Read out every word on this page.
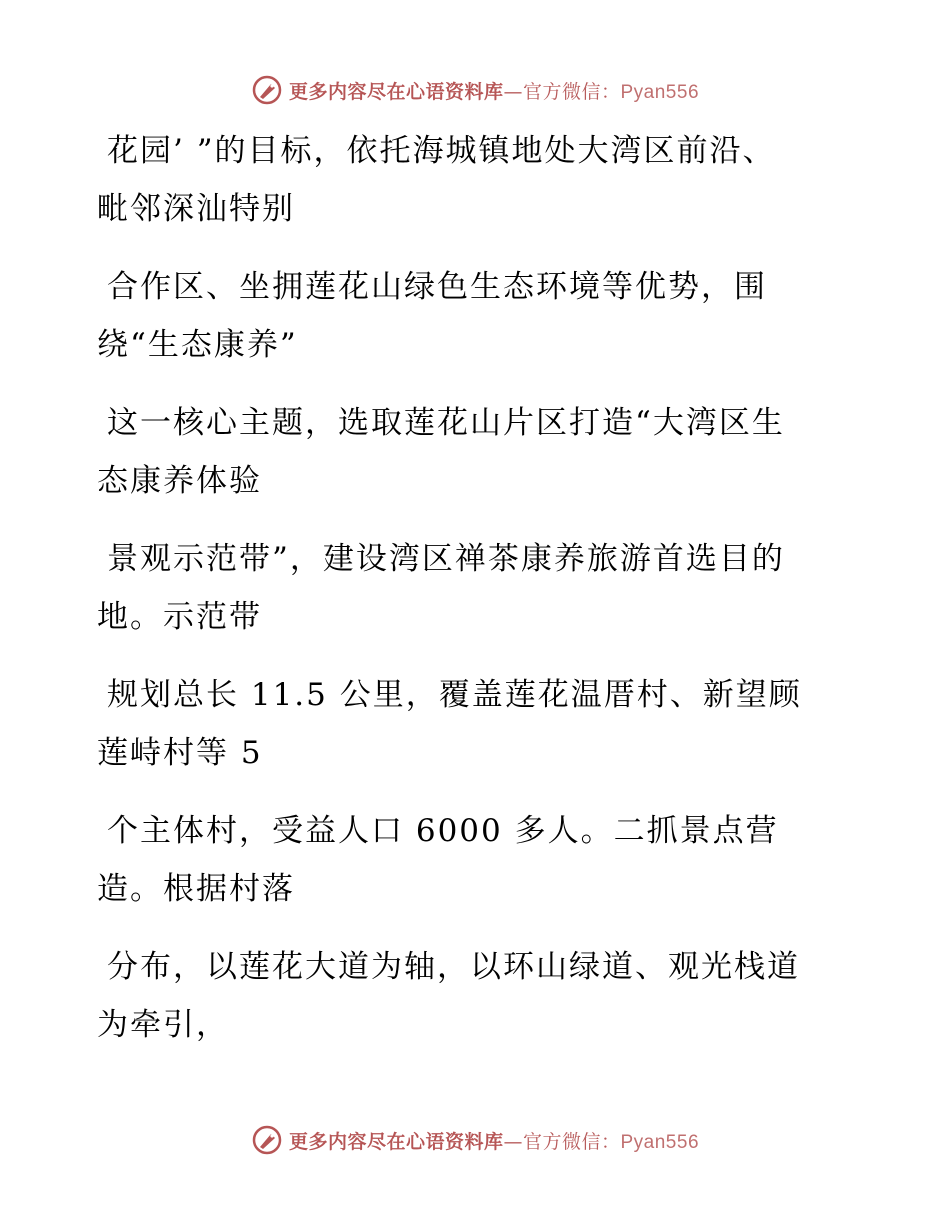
更多内容尽在心语资料库—官方微信：Pyan556
花园’ ”的目标，依托海城镇地处大湾区前沿、
毗邻深汕特别
合作区、坐拥莲花山绿色生态环境等优势，围
绕“生态康养”
这一核心主题，选取莲花山片区打造“大湾区生
态康养体验
景观示范带”，建设湾区禅茶康养旅游首选目的
地。示范带
规划总长 11.5 公里，覆盖莲花温厝村、新望顾
莲峙村等 5
个主体村，受益人口 6000 多人。二抓景点营
造。根据村落
分布，以莲花大道为轴，以环山绿道、观光栈道
为牵引，
更多内容尽在心语资料库—官方微信：Pyan556
